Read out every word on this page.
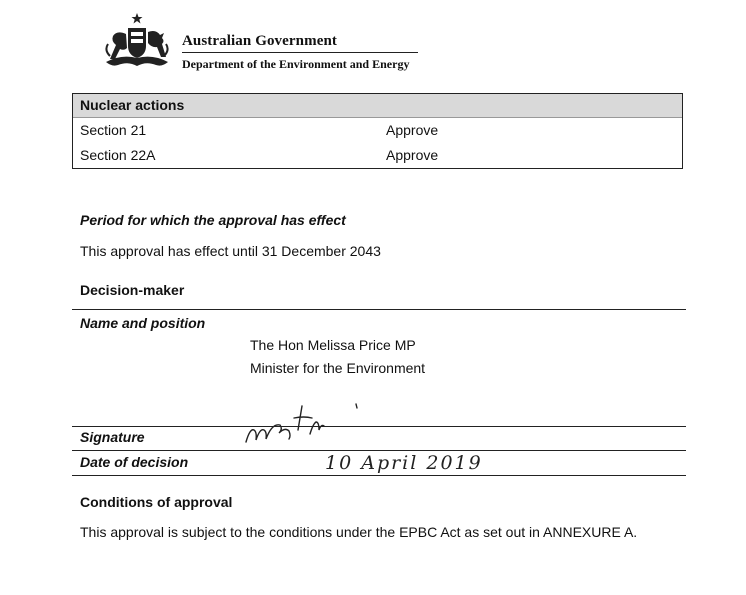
Australian Government
Department of the Environment and Energy
Nuclear actions
Section 21	Approve
Section 22A	Approve
Period for which the approval has effect
This approval has effect until 31 December 2043
Decision-maker
Name and position
The Hon Melissa Price MP
Minister for the Environment
Signature
Date of decision	10 April 2019
Conditions of approval
This approval is subject to the conditions under the EPBC Act as set out in ANNEXURE A.
